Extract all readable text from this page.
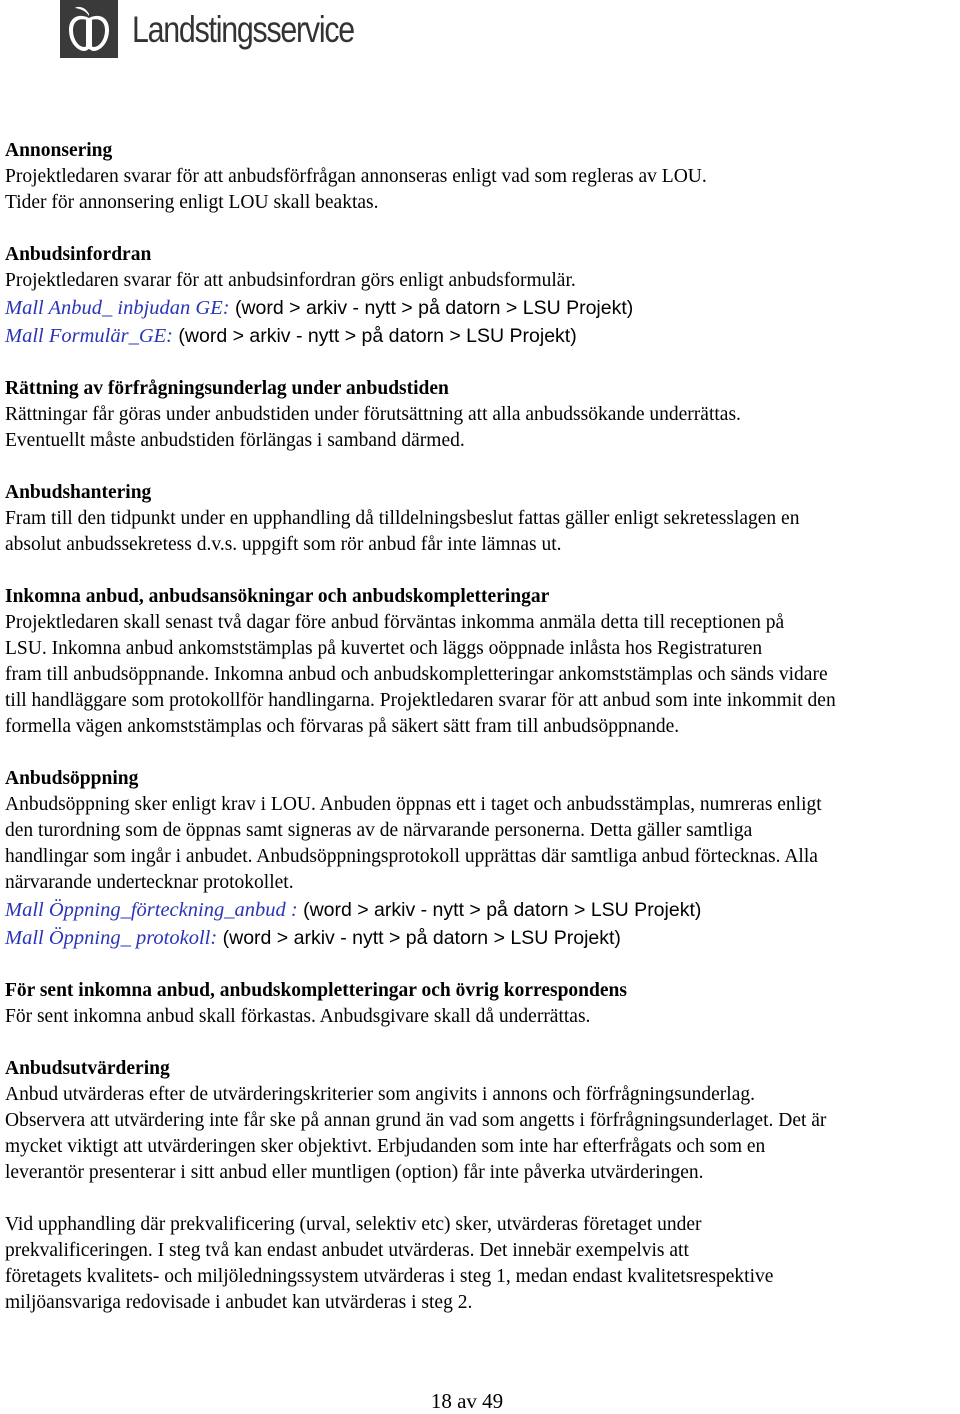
Landstingsservice

Annonsering

Projektledaren svarar för att anbudsförfrågan annonseras enligt vad som regleras av LOU.

Tider för annonsering enligt LOU skall beaktas.

Anbudsinfordran

Projektledaren svarar för att anbudsinfordran görs enligt anbudsformulär.

Mall Anbud_ inbjudan GE: (word > arkiv - nytt > på datorn > LSU Projekt)

Mall Formulär_GE: (word > arkiv - nytt > på datorn > LSU Projekt)

Rättning av förfrågningsunderlag under anbudstiden

Rättningar får göras under anbudstiden under förutsättning att alla anbudssökande underrättas.

Eventuellt måste anbudstiden förlängas i samband därmed.

Anbudshantering

Fram till den tidpunkt under en upphandling då tilldelningsbeslut fattas gäller enligt sekretesslagen en

absolut anbudssekretess d.v.s. uppgift som rör anbud får inte lämnas ut.

Inkomna anbud, anbudsansökningar och anbudskompletteringar

Projektledaren skall senast två dagar före anbud förväntas inkomma anmäla detta till receptionen på

LSU. Inkomna anbud ankomststämplas på kuvertet och läggs oöppnade inlåsta hos Registraturen

fram till anbudsöppnande. Inkomna anbud och anbudskompletteringar ankomststämplas och sänds vidare

till handläggare som protokollför handlingarna. Projektledaren svarar för att anbud som inte inkommit den

formella vägen ankomststämplas och förvaras på säkert sätt fram till anbudsöppnande.

Anbudsöppning

Anbudsöppning sker enligt krav i LOU. Anbuden öppnas ett i taget och anbudsstämplas, numreras enligt

den turordning som de öppnas samt signeras av de närvarande personerna. Detta gäller samtliga

handlingar som ingår i anbudet. Anbudsöppningsprotokoll upprättas där samtliga anbud förtecknas. Alla

närvarande undertecknar protokollet.

Mall Öppning_förteckning_anbud : (word > arkiv - nytt > på datorn > LSU Projekt)

Mall Öppning_ protokoll: (word > arkiv - nytt > på datorn > LSU Projekt)

För sent inkomna anbud, anbudskompletteringar och övrig korrespondens

För sent inkomna anbud skall förkastas. Anbudsgivare skall då underrättas.

Anbudsutvärdering

Anbud utvärderas efter de utvärderingskriterier som angivits i annons och förfrågningsunderlag.

Observera att utvärdering inte får ske på annan grund än vad som angetts i förfrågningsunderlaget. Det är

mycket viktigt att utvärderingen sker objektivt. Erbjudanden som inte har efterfrågats och som en

leverantör presenterar i sitt anbud eller muntligen (option) får inte påverka utvärderingen.

Vid upphandling där prekvalificering (urval, selektiv etc) sker, utvärderas företaget under

prekvalificeringen. I steg två kan endast anbudet utvärderas. Det innebär exempelvis att

företagets kvalitets- och miljöledningssystem utvärderas i steg 1, medan endast kvalitetsrespektive

miljöansvariga redovisade i anbudet kan utvärderas i steg 2.

18 av 49
